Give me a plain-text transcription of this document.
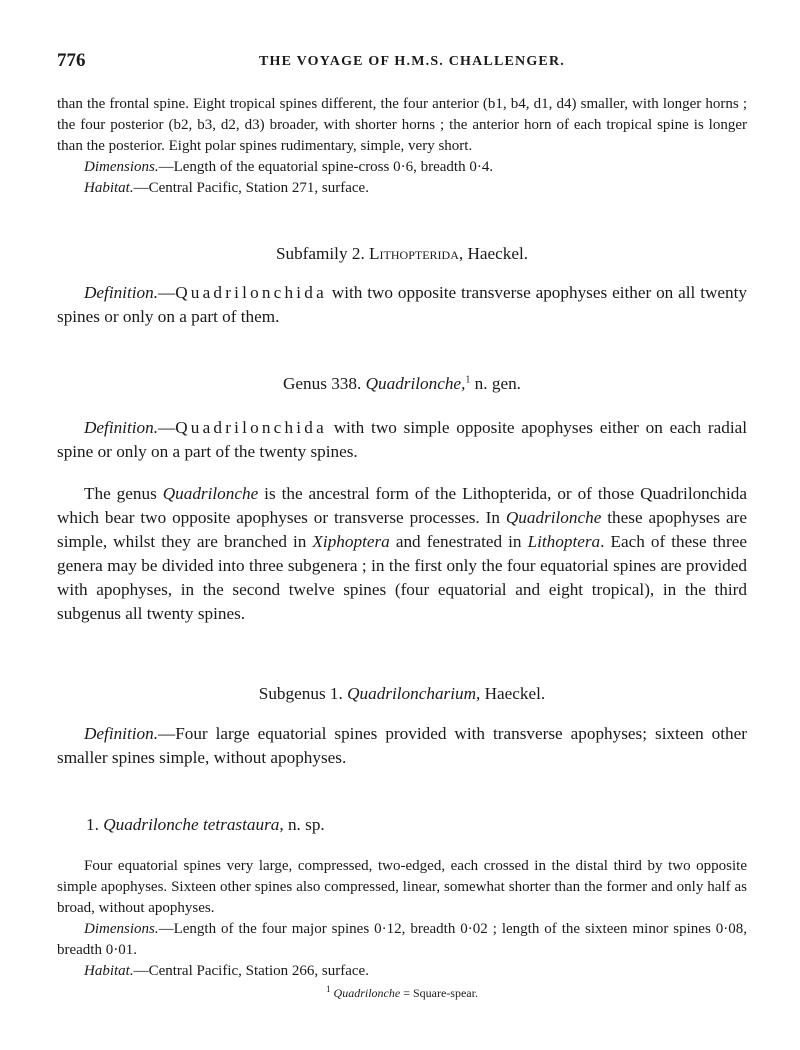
776	THE VOYAGE OF H.M.S. CHALLENGER.
than the frontal spine. Eight tropical spines different, the four anterior (b1, b4, d1, d4) smaller, with longer horns ; the four posterior (b2, b3, d2, d3) broader, with shorter horns ; the anterior horn of each tropical spine is longer than the posterior. Eight polar spines rudimentary, simple, very short.
Dimensions.—Length of the equatorial spine-cross 0·6, breadth 0·4.
Habitat.—Central Pacific, Station 271, surface.
Subfamily 2. Lithopterida, Haeckel.
Definition.—Quadrilonchida with two opposite transverse apophyses either on all twenty spines or only on a part of them.
Genus 338. Quadrilonche,$^1$ n. gen.
Definition.—Quadrilonchida with two simple opposite apophyses either on each radial spine or only on a part of the twenty spines.
The genus Quadrilonche is the ancestral form of the Lithopterida, or of those Quadrilonchida which bear two opposite apophyses or transverse processes. In Quadrilonche these apophyses are simple, whilst they are branched in Xiphoptera and fenestrated in Lithoptera. Each of these three genera may be divided into three subgenera ; in the first only the four equatorial spines are provided with apophyses, in the second twelve spines (four equatorial and eight tropical), in the third subgenus all twenty spines.
Subgenus 1. Quadriloncharium, Haeckel.
Definition.—Four large equatorial spines provided with transverse apophyses; sixteen other smaller spines simple, without apophyses.
1. Quadrilonche tetrastaura, n. sp.
Four equatorial spines very large, compressed, two-edged, each crossed in the distal third by two opposite simple apophyses. Sixteen other spines also compressed, linear, somewhat shorter than the former and only half as broad, without apophyses.
Dimensions.—Length of the four major spines 0·12, breadth 0·02 ; length of the sixteen minor spines 0·08, breadth 0·01.
Habitat.—Central Pacific, Station 266, surface.
$^1$ Quadrilonche = Square-spear.
